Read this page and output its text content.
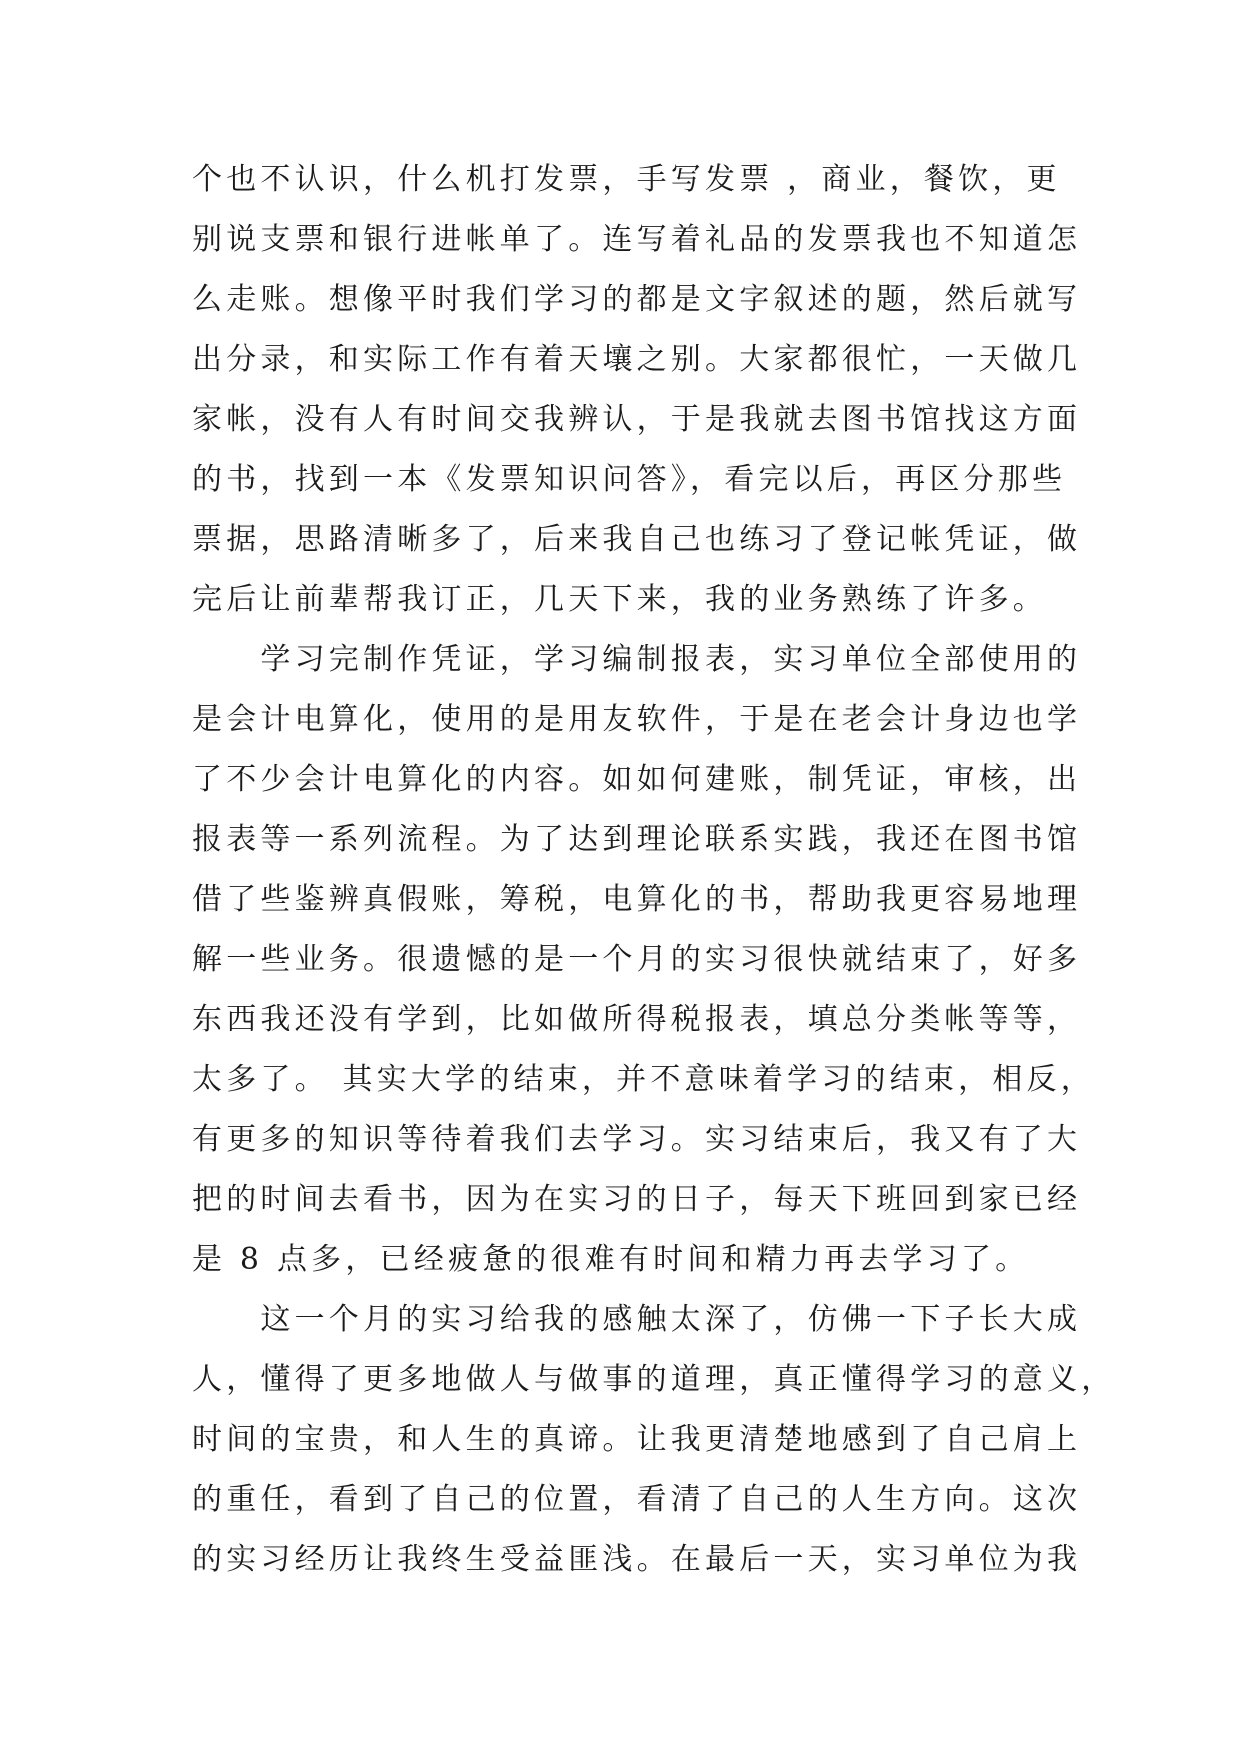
个也不认识，什么机打发票，手写发票 ，商业，餐饮，更
别说支票和银行进帐单了。连写着礼品的发票我也不知道怎
么走账。想像平时我们学习的都是文字叙述的题，然后就写
出分录，和实际工作有着天壤之别。大家都很忙，一天做几
家帐，没有人有时间交我辨认，于是我就去图书馆找这方面
的书，找到一本《发票知识问答》，看完以后，再区分那些
票据，思路清晰多了，后来我自己也练习了登记帐凭证，做
完后让前辈帮我订正，几天下来，我的业务熟练了许多。
　　学习完制作凭证，学习编制报表，实习单位全部使用的
是会计电算化，使用的是用友软件，于是在老会计身边也学
了不少会计电算化的内容。如如何建账，制凭证，审核，出
报表等一系列流程。为了达到理论联系实践，我还在图书馆
借了些鉴辨真假账，筹税，电算化的书，帮助我更容易地理
解一些业务。很遗憾的是一个月的实习很快就结束了，好多
东西我还没有学到，比如做所得税报表，填总分类帐等等，
太多了。 其实大学的结束，并不意味着学习的结束，相反，
有更多的知识等待着我们去学习。实习结束后，我又有了大
把的时间去看书，因为在实习的日子，每天下班回到家已经
是 8 点多，已经疲惫的很难有时间和精力再去学习了。
　　这一个月的实习给我的感触太深了，仿佛一下子长大成
人，懂得了更多地做人与做事的道理，真正懂得学习的意义，
时间的宝贵，和人生的真谛。让我更清楚地感到了自己肩上
的重任，看到了自己的位置，看清了自己的人生方向。这次
的实习经历让我终生受益匪浅。在最后一天，实习单位为我
